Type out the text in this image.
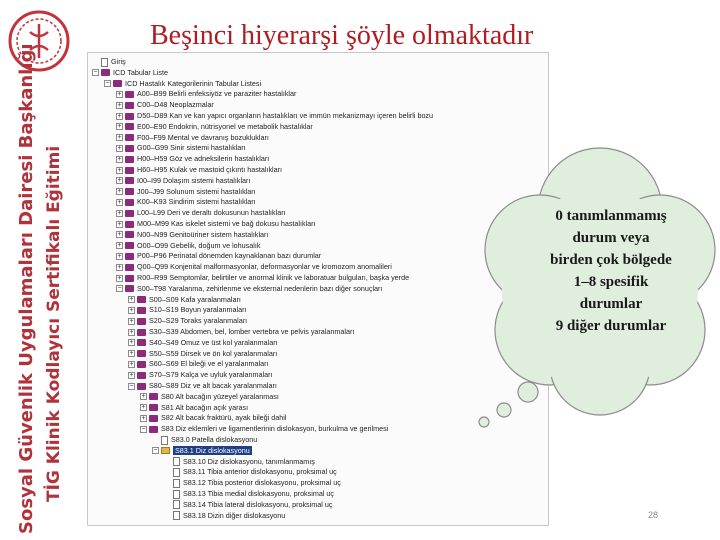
Sosyal Güvenlik Uygulamaları Dairesi Başkanlığı TİG Klinik Kodlayıcı Sertifikalı Eğitimi
Beşinci hiyerarşi şöyle olmaktadır
Giriş
− ICD Tabular Liste
− ICD Hastalık Kategorilerinin Tabular Listesi
+ A00–B99 Belirli enfeksiyöz ve paraziter hastalıklar
+ C00–D48 Neoplazmalar
+ D50–D89 Kan ve kan yapıcı organların hastalıkları ve immün mekanizmayı içeren belirli bozu
+ E00–E90 Endokrin, nütrisyonel ve metabolik hastalıklar
+ F00–F99 Mental ve davranış bozuklukları
+ G00–G99 Sinir sistemi hastalıkları
+ H00–H59 Göz ve adneksilerin hastalıkları
+ H60–H95 Kulak ve mastoid çıkıntı hastalıkları
+ I00–I99 Dolaşım sistemi hastalıkları
+ J00–J99 Solunum sistemi hastalıkları
+ K00–K93 Sindirim sistemi hastalıkları
+ L00–L99 Deri ve deraltı dokusunun hastalıkları
+ M00–M99 Kas iskelet sistemi ve bağ dokusu hastalıkları
+ N00–N99 Genitoüriner sistem hastalıkları
+ O00–O99 Gebelik, doğum ve lohusalık
+ P00–P96 Perinatal dönemden kaynaklanan bazı durumlar
+ Q00–Q99 Konjenital malformasyonlar, deformasyonlar ve kromozom anomalileri
+ R00–R99 Semptomlar, belirtiler ve anormal klinik ve laboratuar bulguları, başka yerde
− S00–T98 Yaralanma, zehirlenme ve eksternal nedenlerin bazı diğer sonuçları
+ S00–S09 Kafa yaralanmaları
+ S10–S19 Boyun yaralanmaları
+ S20–S29 Toraks yaralanmaları
+ S30–S39 Abdomen, bel, lomber vertebra ve pelvis yaralanmaları
+ S40–S49 Omuz ve üst kol yaralanmaları
+ S50–S59 Dirsek ve ön kol yaralanmaları
+ S60–S69 El bileği ve el yaralanmaları
+ S70–S79 Kalça ve uyluk yaralanmaları
− S80–S89 Diz ve alt bacak yaralanmaları
+ S80 Alt bacağın yüzeyel yaralanması
+ S81 Alt bacağın açık yarası
+ S82 Alt bacak fraktürü, ayak bileği dahil
− S83 Diz eklemleri ve ligamentlerinin dislokasyon, burkulma ve gerilmesi
S83.0 Patella dislokasyonu
− S83.1 Diz dislokasyonu
S83.10 Diz dislokasyonu, tanımlanmamış
S83.11 Tibia anterior dislokasyonu, proksimal uç
S83.12 Tibia posterior dislokasyonu, proksimal uç
S83.13 Tibia medial dislokasyonu, proksimal uç
S83.14 Tibia lateral dislokasyonu, proksimal uç
S83.18 Dizin diğer dislokasyonu
0 tanımlanmamış
durum veya
birden çok bölgede
1–8 spesifik
durumlar
9 diğer durumlar
28
